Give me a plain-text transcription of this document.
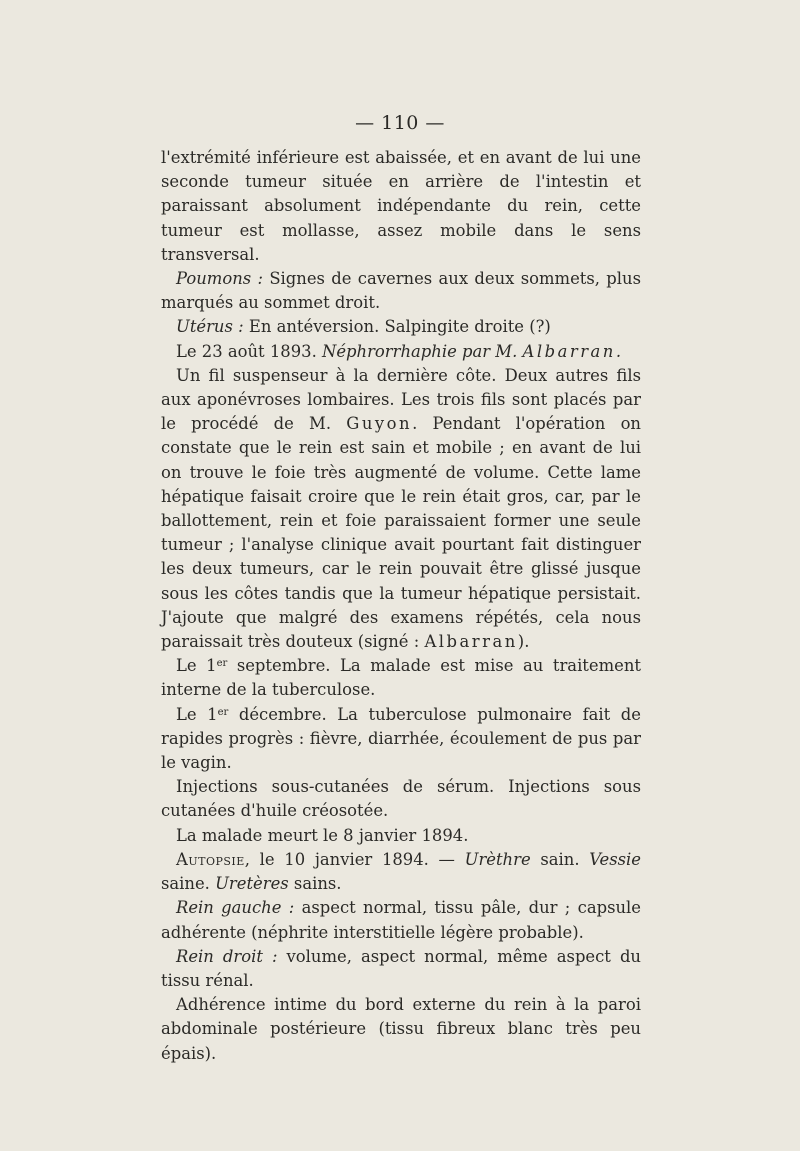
— 110 —

l'extrémité inférieure est abaissée, et en avant de lui une seconde tumeur située en arrière de l'intestin et paraissant absolument indépendante du rein, cette tumeur est mollasse, assez mobile dans le sens transversal.

Poumons : Signes de cavernes aux deux sommets, plus marqués au sommet droit.

Utérus : En antéversion. Salpingite droite (?)

Le 23 août 1893. Néphrorrhaphie par M. Albarran.

Un fil suspenseur à la dernière côte. Deux autres fils aux aponévroses lombaires. Les trois fils sont placés par le procédé de M. Guyon. Pendant l'opération on constate que le rein est sain et mobile ; en avant de lui on trouve le foie très augmenté de volume. Cette lame hépatique faisait croire que le rein était gros, car, par le ballottement, rein et foie paraissaient former une seule tumeur ; l'analyse clinique avait pourtant fait distinguer les deux tumeurs, car le rein pouvait être glissé jusque sous les côtes tandis que la tumeur hépatique persistait. J'ajoute que malgré des examens répétés, cela nous paraissait très douteux (signé : Albarran).

Le 1er septembre. La malade est mise au traitement interne de la tuberculose.

Le 1er décembre. La tuberculose pulmonaire fait de rapides progrès : fièvre, diarrhée, écoulement de pus par le vagin.

Injections sous-cutanées de sérum. Injections sous cutanées d'huile créosotée.

La malade meurt le 8 janvier 1894.

Autopsie, le 10 janvier 1894. — Urèthre sain. Vessie saine. Uretères sains.

Rein gauche : aspect normal, tissu pâle, dur ; capsule adhérente (néphrite interstitielle légère probable).

Rein droit : volume, aspect normal, même aspect du tissu rénal.

Adhérence intime du bord externe du rein à la paroi abdominale postérieure (tissu fibreux blanc très peu épais).
